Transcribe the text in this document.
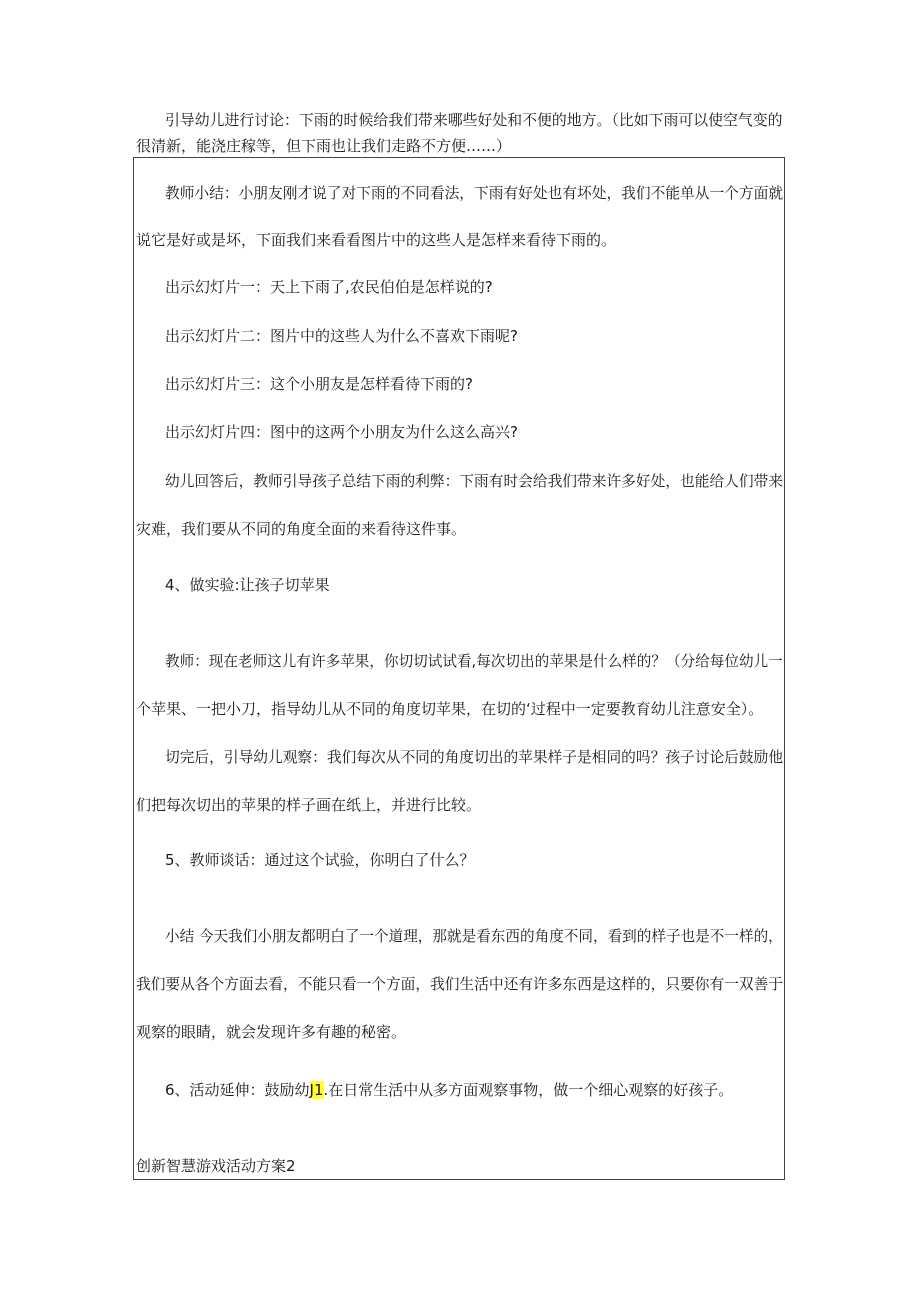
引导幼儿进行讨论：下雨的时候给我们带来哪些好处和不便的地方。（比如下雨可以使空气变的
很清新，能浇庄稼等，但下雨也让我们走路不方便……）
教师小结：小朋友刚才说了对下雨的不同看法，下雨有好处也有坏处，我们不能单从一个方面就
说它是好或是坏，下面我们来看看图片中的这些人是怎样来看待下雨的。
出示幻灯片一：天上下雨了,农民伯伯是怎样说的?
出示幻灯片二：图片中的这些人为什么不喜欢下雨呢?
出示幻灯片三：这个小朋友是怎样看待下雨的?
出示幻灯片四：图中的这两个小朋友为什么这么高兴?
幼儿回答后，教师引导孩子总结下雨的利弊：下雨有时会给我们带来许多好处，也能给人们带来
灾难，我们要从不同的角度全面的来看待这件事。
4、做实验:让孩子切苹果
教师：现在老师这儿有许多苹果，你切切试试看,每次切出的苹果是什么样的？（分给每位幼儿一
个苹果、一把小刀，指导幼儿从不同的角度切苹果，在切的‘过程中一定要教育幼儿注意安全）。
切完后，引导幼儿观察：我们每次从不同的角度切出的苹果样子是相同的吗？孩子讨论后鼓励他
们把每次切出的苹果的样子画在纸上，并进行比较。
5、教师谈话：通过这个试验，你明白了什么？
小结 今天我们小朋友都明白了一个道理，那就是看东西的角度不同，看到的样子也是不一样的，
我们要从各个方面去看，不能只看一个方面，我们生活中还有许多东西是这样的，只要你有一双善于
观察的眼睛，就会发现许多有趣的秘密。
6、活动延伸：鼓励幼J1.在日常生活中从多方面观察事物，做一个细心观察的好孩子。
创新智慧游戏活动方案2
